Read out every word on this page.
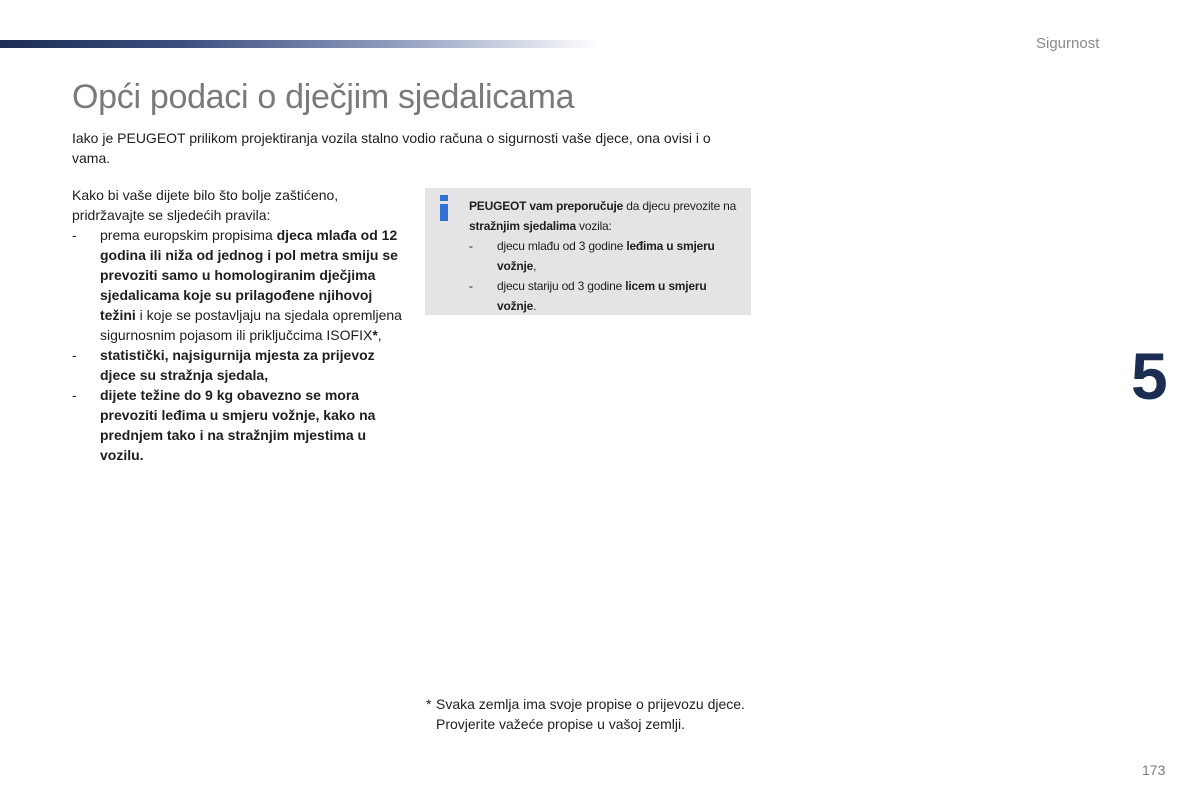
Sigurnost
Opći podaci o dječjim sjedalicama

Iako je PEUGEOT prilikom projektiranja vozila stalno vodio računa o sigurnosti vaše djece, ona ovisi i o vama.

Kako bi vaše dijete bilo što bolje zaštićeno, pridržavajte se sljedećih pravila:

- prema europskim propisima djeca mlađa od 12 godina ili niža od jednog i pol metra smiju se prevoziti samo u homologiranim dječjima sjedalicama koje su prilagođene njihovoj težini i koje se postavljaju na sjedala opremljena sigurnosnim pojasom ili priključcima ISOFIX*,
- statistički, najsigurnija mjesta za prijevoz djece su stražnja sjedala,
- dijete težine do 9 kg obavezno se mora prevoziti leđima u smjeru vožnje, kako na prednjem tako i na stražnjim mjestima u vozilu.

PEUGEOT vam preporučuje da djecu prevozite na stražnjim sjedalima vozila:

- djecu mlađu od 3 godine leđima u smjeru vožnje,
- djecu stariju od 3 godine licem u smjeru vožnje.
5
* Svaka zemlja ima svoje propise o prijevozu djece. Provjerite važeće propise u vašoj zemlji.
173
